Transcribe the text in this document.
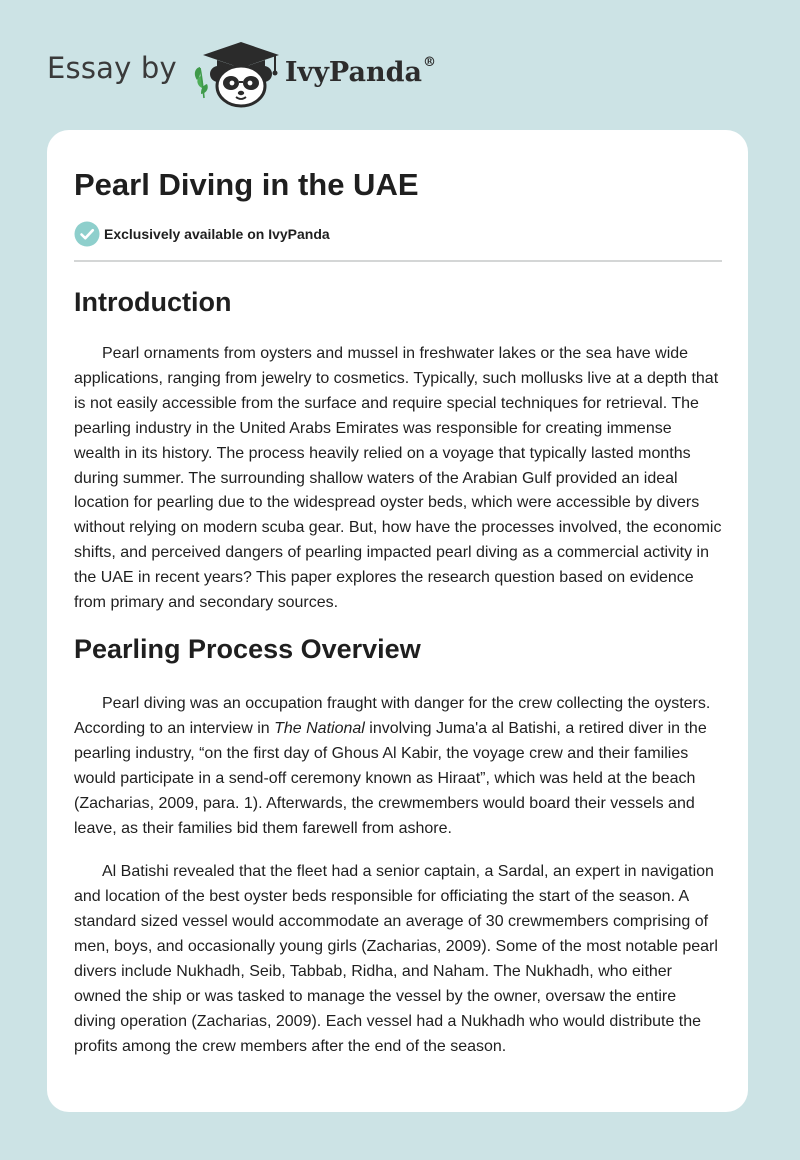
Essay by	IvyPanda®
Pearl Diving in the UAE
Exclusively available on IvyPanda
Introduction

Pearl ornaments from oysters and mussel in freshwater lakes or the sea have wide applications, ranging from jewelry to cosmetics. Typically, such mollusks live at a depth that is not easily accessible from the surface and require special techniques for retrieval. The pearling industry in the United Arabs Emirates was responsible for creating immense wealth in its history. The process heavily relied on a voyage that typically lasted months during summer. The surrounding shallow waters of the Arabian Gulf provided an ideal location for pearling due to the widespread oyster beds, which were accessible by divers without relying on modern scuba gear. But, how have the processes involved, the economic shifts, and perceived dangers of pearling impacted pearl diving as a commercial activity in the UAE in recent years? This paper explores the research question based on evidence from primary and secondary sources.

Pearling Process Overview

Pearl diving was an occupation fraught with danger for the crew collecting the oysters. According to an interview in The National involving Juma'a al Batishi, a retired diver in the pearling industry, “on the first day of Ghous Al Kabir, the voyage crew and their families would participate in a send-off ceremony known as Hiraat”, which was held at the beach (Zacharias, 2009, para. 1). Afterwards, the crewmembers would board their vessels and leave, as their families bid them farewell from ashore.

Al Batishi revealed that the fleet had a senior captain, a Sardal, an expert in navigation and location of the best oyster beds responsible for officiating the start of the season. A standard sized vessel would accommodate an average of 30 crewmembers comprising of men, boys, and occasionally young girls (Zacharias, 2009). Some of the most notable pearl divers include Nukhadh, Seib, Tabbab, Ridha, and Naham. The Nukhadh, who either owned the ship or was tasked to manage the vessel by the owner, oversaw the entire diving operation (Zacharias, 2009). Each vessel had a Nukhadh who would distribute the profits among the crew members after the end of the season.
